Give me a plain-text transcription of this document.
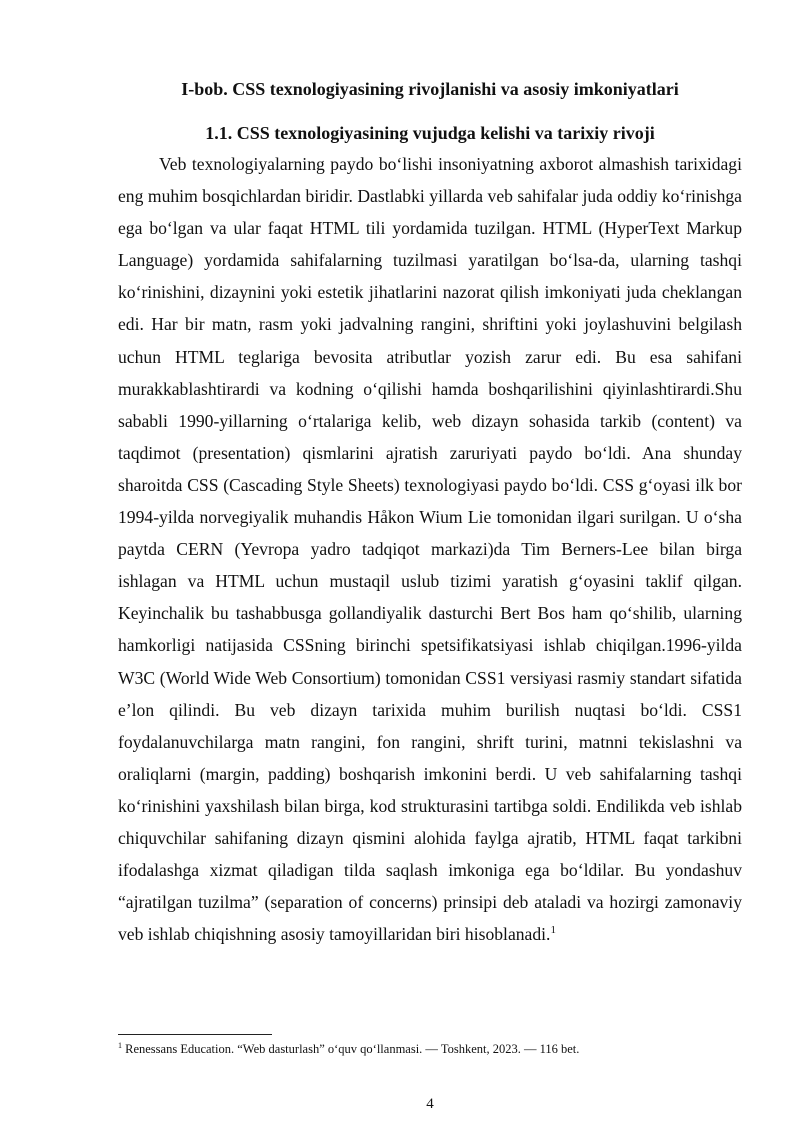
I-bob. CSS texnologiyasining rivojlanishi va asosiy imkoniyatlari
1.1. CSS texnologiyasining vujudga kelishi va tarixiy rivoji

Veb texnologiyalarning paydo bo‘lishi insoniyatning axborot almashish tarixidagi eng muhim bosqichlardan biridir. Dastlabki yillarda veb sahifalar juda oddiy ko‘rinishga ega bo‘lgan va ular faqat HTML tili yordamida tuzilgan. HTML (HyperText Markup Language) yordamida sahifalarning tuzilmasi yaratilgan bo‘lsa-da, ularning tashqi ko‘rinishini, dizaynini yoki estetik jihatlarini nazorat qilish imkoniyati juda cheklangan edi. Har bir matn, rasm yoki jadvalning rangini, shriftini yoki joylashuvini belgilash uchun HTML teglariga bevosita atributlar yozish zarur edi. Bu esa sahifani murakkablashtirardi va kodning o‘qilishi hamda boshqarilishini qiyinlashtirardi.Shu sababli 1990-yillarning o‘rtalariga kelib, web dizayn sohasida tarkib (content) va taqdimot (presentation) qismlarini ajratish zaruriyati paydo bo‘ldi. Ana shunday sharoitda CSS (Cascading Style Sheets) texnologiyasi paydo bo‘ldi. CSS g‘oyasi ilk bor 1994-yilda norvegiyalik muhandis Håkon Wium Lie tomonidan ilgari surilgan. U o‘sha paytda CERN (Yevropa yadro tadqiqot markazi)da Tim Berners-Lee bilan birga ishlagan va HTML uchun mustaqil uslub tizimi yaratish g‘oyasini taklif qilgan. Keyinchalik bu tashabbusga gollandiyalik dasturchi Bert Bos ham qo‘shilib, ularning hamkorligi natijasida CSSning birinchi spetsifikatsiyasi ishlab chiqilgan.1996-yilda W3C (World Wide Web Consortium) tomonidan CSS1 versiyasi rasmiy standart sifatida e’lon qilindi. Bu veb dizayn tarixida muhim burilish nuqtasi bo‘ldi. CSS1 foydalanuvchilarga matn rangini, fon rangini, shrift turini, matnni tekislashni va oraliqlarni (margin, padding) boshqarish imkonini berdi. U veb sahifalarning tashqi ko‘rinishini yaxshilash bilan birga, kod strukturasini tartibga soldi. Endilikda veb ishlab chiquvchilar sahifaning dizayn qismini alohida faylga ajratib, HTML faqat tarkibni ifodalashga xizmat qiladigan tilda saqlash imkoniga ega bo‘ldilar. Bu yondashuv “ajratilgan tuzilma” (separation of concerns) prinsipi deb ataladi va hozirgi zamonaviy veb ishlab chiqishning asosiy tamoyillaridan biri hisoblanadi.$^1$

$^1$ Renessans Education. “Web dasturlash” o‘quv qo‘llanmasi. — Toshkent, 2023. — 116 bet.
4
